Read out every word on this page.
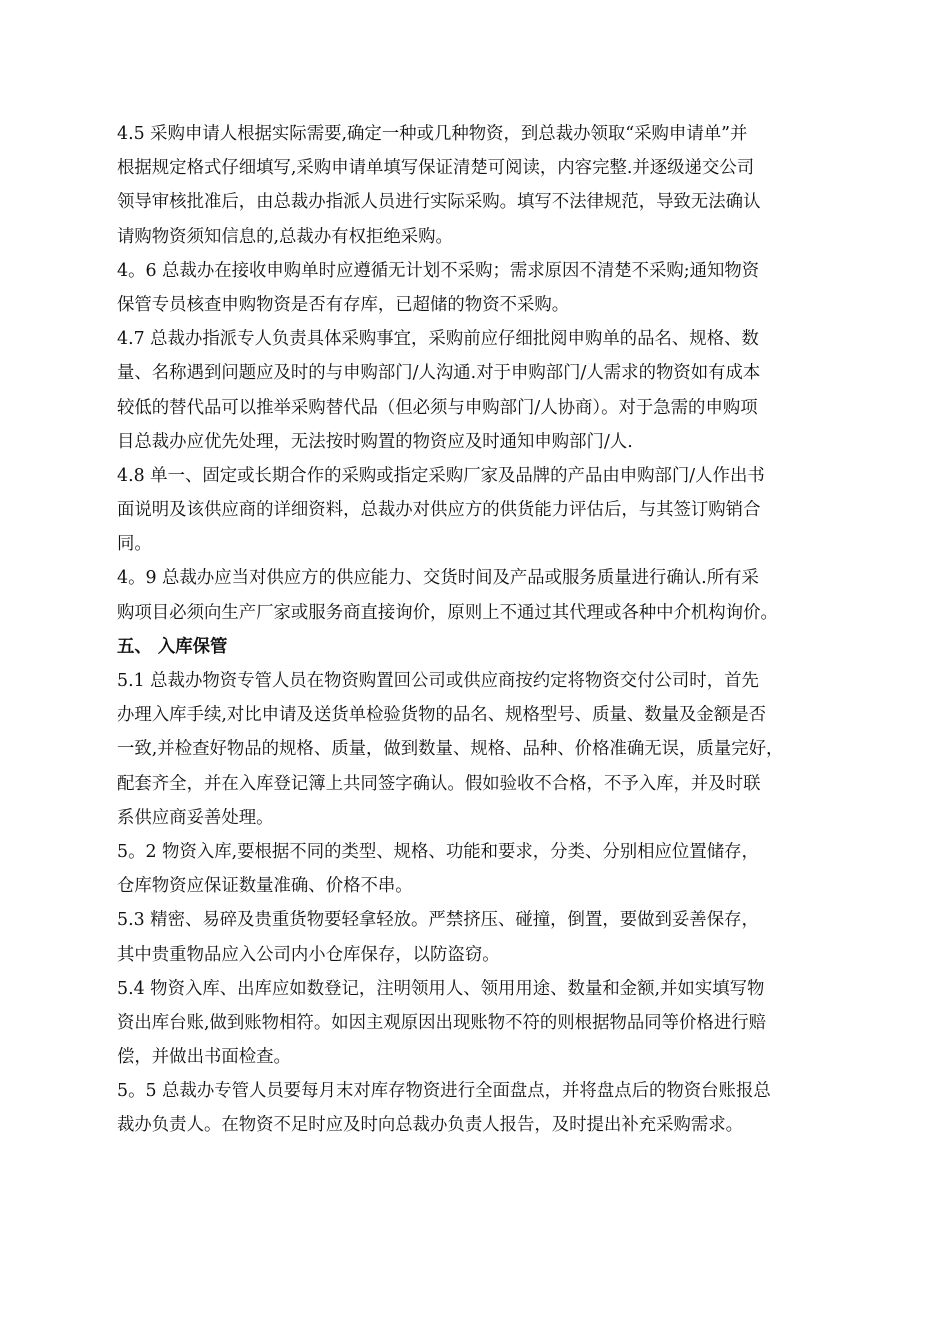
4.5 采购申请人根据实际需要,确定一种或几种物资，到总裁办领取“采购申请单”并
根据规定格式仔细填写,采购申请单填写保证清楚可阅读，内容完整.并逐级递交公司
领导审核批准后，由总裁办指派人员进行实际采购。填写不法律规范，导致无法确认
请购物资须知信息的,总裁办有权拒绝采购。
4。6 总裁办在接收申购单时应遵循无计划不采购；需求原因不清楚不采购;通知物资
保管专员核查申购物资是否有存库，已超储的物资不采购。
4.7 总裁办指派专人负责具体采购事宜，采购前应仔细批阅申购单的品名、规格、数
量、名称遇到问题应及时的与申购部门/人沟通.对于申购部门/人需求的物资如有成本
较低的替代品可以推举采购替代品（但必须与申购部门/人协商）。对于急需的申购项
目总裁办应优先处理，无法按时购置的物资应及时通知申购部门/人.
4.8 单一、固定或长期合作的采购或指定采购厂家及品牌的产品由申购部门/人作出书
面说明及该供应商的详细资料，总裁办对供应方的供货能力评估后，与其签订购销合
同。
4。9 总裁办应当对供应方的供应能力、交货时间及产品或服务质量进行确认.所有采
购项目必须向生产厂家或服务商直接询价，原则上不通过其代理或各种中介机构询价。
五、 入库保管
5.1 总裁办物资专管人员在物资购置回公司或供应商按约定将物资交付公司时，首先
办理入库手续,对比申请及送货单检验货物的品名、规格型号、质量、数量及金额是否
一致,并检查好物品的规格、质量，做到数量、规格、品种、价格准确无误，质量完好，
配套齐全，并在入库登记簿上共同签字确认。假如验收不合格，不予入库，并及时联
系供应商妥善处理。
5。2 物资入库,要根据不同的类型、规格、功能和要求，分类、分别相应位置储存，
仓库物资应保证数量准确、价格不串。
5.3 精密、易碎及贵重货物要轻拿轻放。严禁挤压、碰撞，倒置，要做到妥善保存，
其中贵重物品应入公司内小仓库保存，以防盗窃。
5.4 物资入库、出库应如数登记，注明领用人、领用用途、数量和金额,并如实填写物
资出库台账,做到账物相符。如因主观原因出现账物不符的则根据物品同等价格进行赔
偿，并做出书面检查。
5。5 总裁办专管人员要每月末对库存物资进行全面盘点，并将盘点后的物资台账报总
裁办负责人。在物资不足时应及时向总裁办负责人报告，及时提出补充采购需求。
